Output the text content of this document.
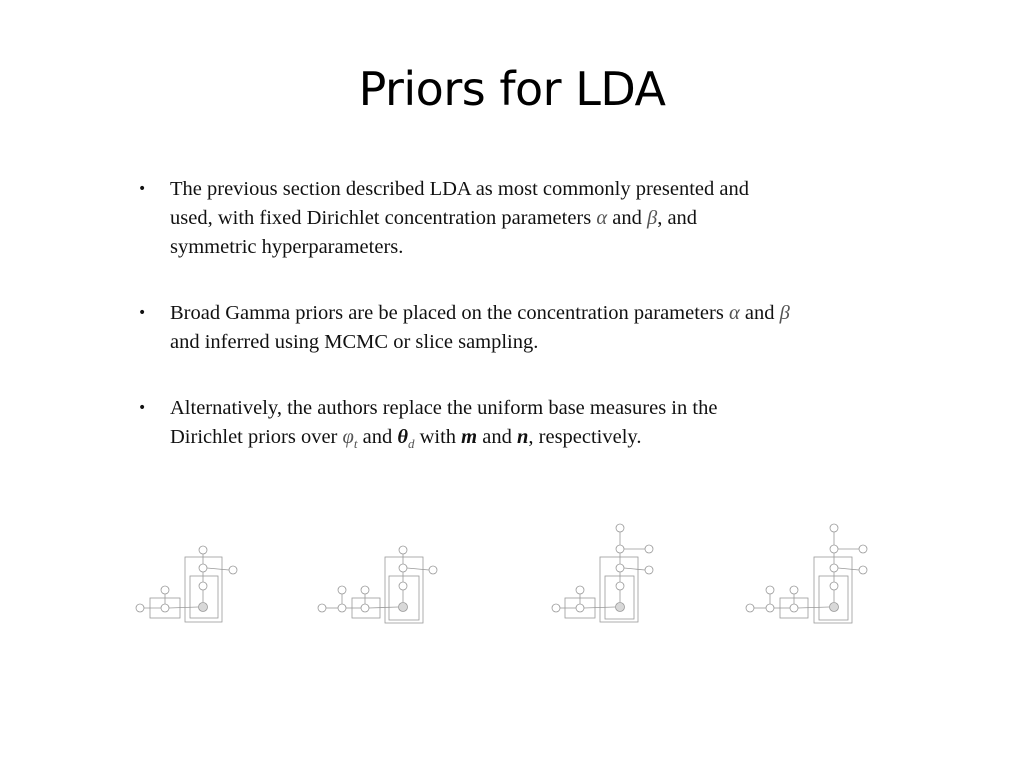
Priors for LDA
• The previous section described LDA as most commonly presented and
used, with fixed Dirichlet concentration parameters α and β, and
symmetric hyperparameters.
• Broad Gamma priors are be placed on the concentration parameters α and β
and inferred using MCMC or slice sampling.
• Alternatively, the authors replace the uniform base measures in the
Dirichlet priors over $\varphi_t$ and $\theta_d$ with m and n, respectively.
